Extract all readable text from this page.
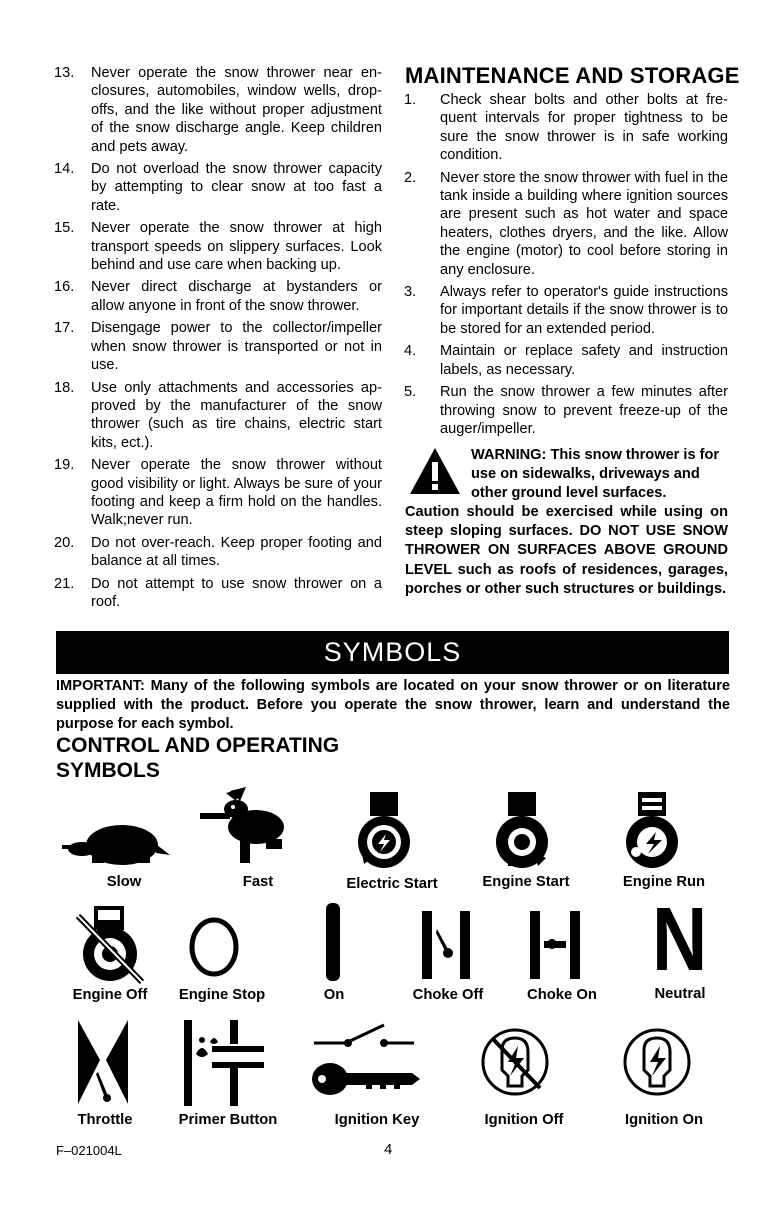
13. Never operate the snow thrower near enclosures, automobiles, window wells, dropoffs, and the like without proper adjustment of the snow discharge angle. Keep children and pets away.
14. Do not overload the snow thrower capacity by attempting to clear snow at too fast a rate.
15. Never operate the snow thrower at high transport speeds on slippery surfaces. Look behind and use care when backing up.
16. Never direct discharge at bystanders or allow anyone in front of the snow thrower.
17. Disengage power to the collector/impeller when snow thrower is transported or not in use.
18. Use only attachments and accessories approved by the manufacturer of the snow thrower (such as tire chains, electric start kits, ect.).
19. Never operate the snow thrower without good visibility or light. Always be sure of your footing and keep a firm hold on the handles. Walk;never run.
20. Do not over-reach. Keep proper footing and balance at all times.
21. Do not attempt to use snow thrower on a roof.
MAINTENANCE AND STORAGE
1. Check shear bolts and other bolts at frequent intervals for proper tightness to be sure the snow thrower is in safe working condition.
2. Never store the snow thrower with fuel in the tank inside a building where ignition sources are present such as hot water and space heaters, clothes dryers, and the like. Allow the engine (motor) to cool before storing in any enclosure.
3. Always refer to operator's guide instructions for important details if the snow thrower is to be stored for an extended period.
4. Maintain or replace safety and instruction labels, as necessary.
5. Run the snow thrower a few minutes after throwing snow to prevent freeze-up of the auger/impeller.
WARNING: This snow thrower is for use on sidewalks, driveways and other ground level surfaces.
Caution should be exercised while using on steep sloping surfaces. DO NOT USE SNOW THROWER ON SURFACES ABOVE GROUND LEVEL such as roofs of residences, garages, porches or other such structures or buildings.
SYMBOLS
IMPORTANT: Many of the following symbols are located on your snow thrower or on literature supplied with the product. Before you operate the snow thrower, learn and understand the purpose for each symbol.
CONTROL AND OPERATING
SYMBOLS
Slow	Fast	Electric Start	Engine Start	Engine Run
N
Engine Off	Engine Stop	On	Choke Off	Choke On	Neutral
Throttle	Primer Button	Ignition Key	Ignition Off	Ignition On
F–021004L	4
